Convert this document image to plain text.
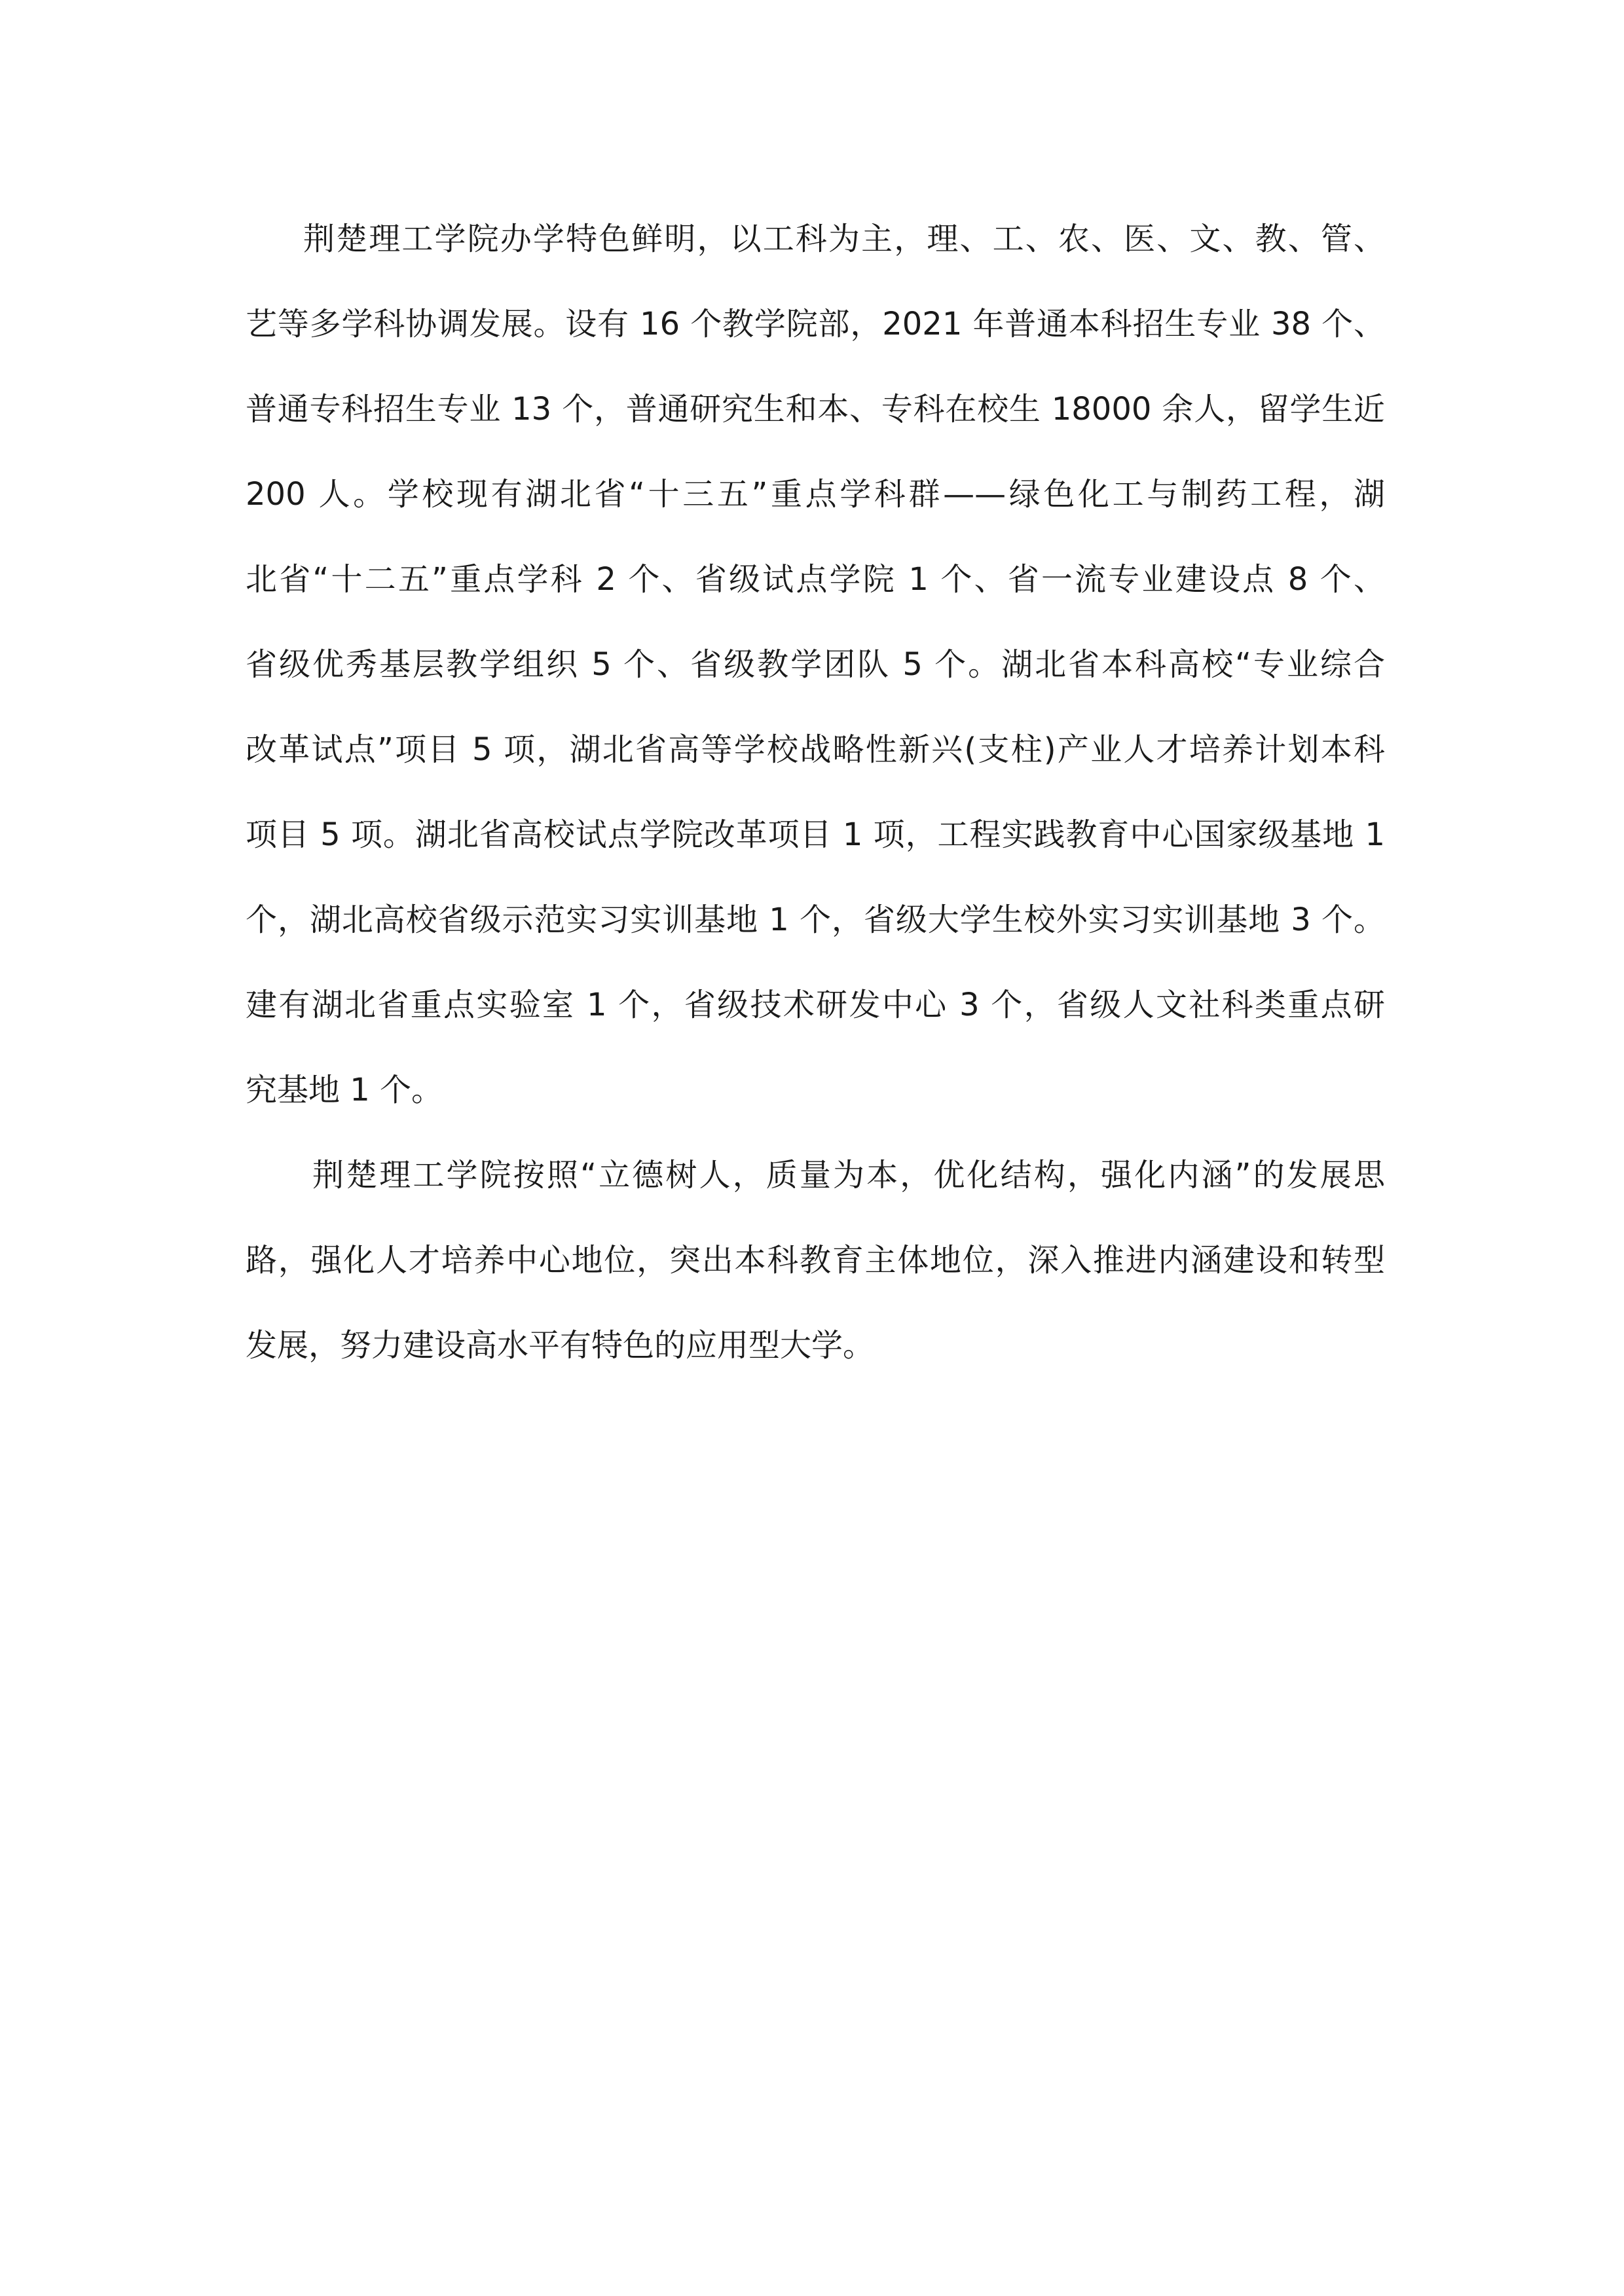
荆楚理工学院办学特色鲜明，以工科为主，理、工、农、医、文、教、管、
艺等多学科协调发展。设有 16 个教学院部，2021 年普通本科招生专业 38 个、
普通专科招生专业 13 个，普通研究生和本、专科在校生 18000 余人，留学生近
200 人。学校现有湖北省“十三五”重点学科群——绿色化工与制药工程，湖
北省“十二五”重点学科 2 个、省级试点学院 1 个、省一流专业建设点 8 个、
省级优秀基层教学组织 5 个、省级教学团队 5 个。湖北省本科高校“专业综合
改革试点”项目 5 项，湖北省高等学校战略性新兴(支柱)产业人才培养计划本科
项目 5 项。湖北省高校试点学院改革项目 1 项，工程实践教育中心国家级基地 1
个，湖北高校省级示范实习实训基地 1 个，省级大学生校外实习实训基地 3 个。
建有湖北省重点实验室 1 个，省级技术研发中心 3 个，省级人文社科类重点研
究基地 1 个。
荆楚理工学院按照“立德树人，质量为本，优化结构，强化内涵”的发展思
路，强化人才培养中心地位，突出本科教育主体地位，深入推进内涵建设和转型
发展，努力建设高水平有特色的应用型大学。
